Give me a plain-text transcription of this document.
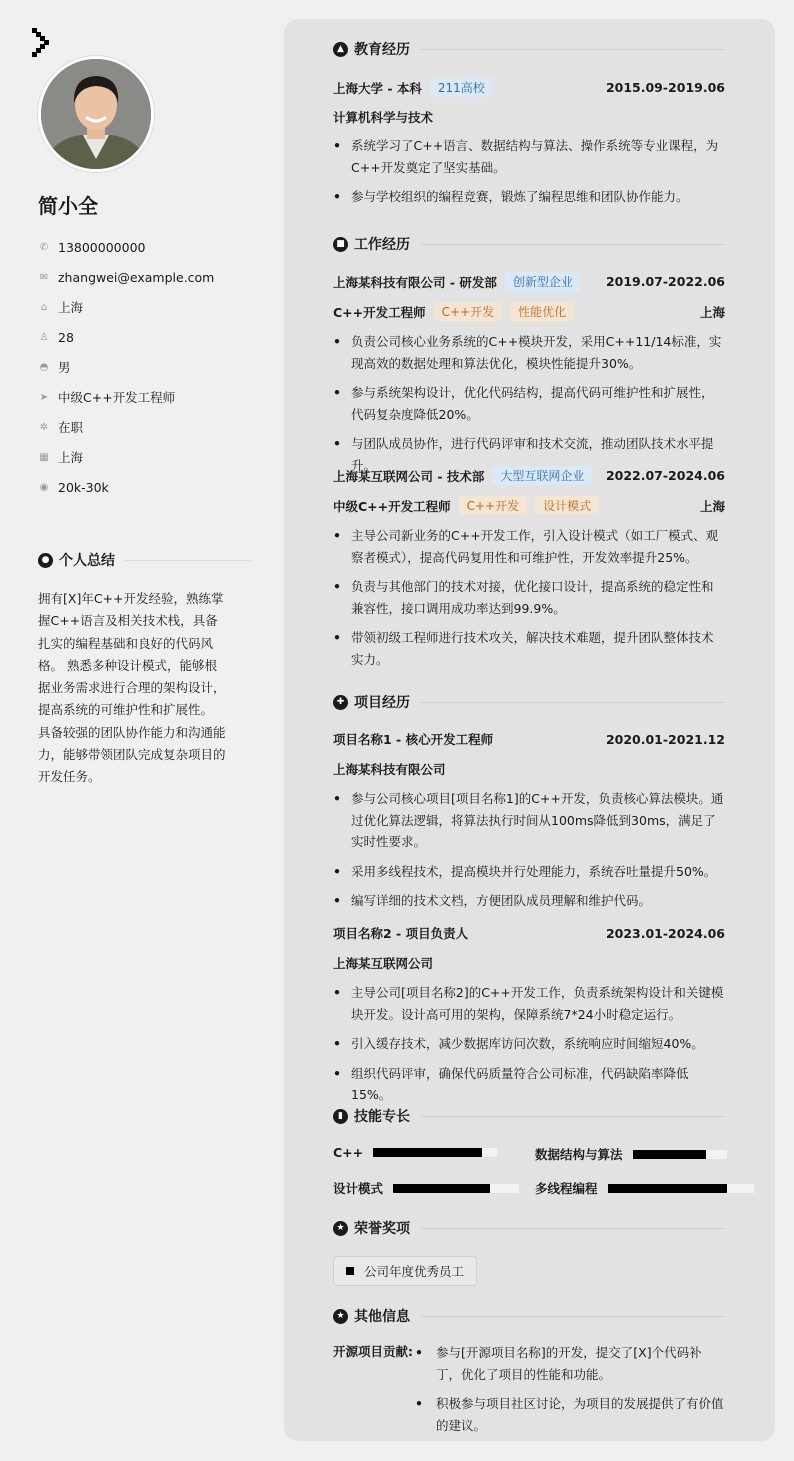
简小全
✆ 13800000000
✉ zhangwei@example.com
⌂ 上海
♙ 28
◓ 男
➤ 中级C++开发工程师
✲ 在职
▦ 上海
◉ 20k-30k
● 个人总结
拥有[X]年C++开发经验，熟练掌握C++语言及相关技术栈，具备扎实的编程基础和良好的代码风格。 熟悉多种设计模式，能够根据业务需求进行合理的架构设计，提高系统的可维护性和扩展性。 具备较强的团队协作能力和沟通能力，能够带领团队完成复杂项目的开发任务。
▲ 教育经历
上海大学 - 本科	211高校	2015.09-2019.06
计算机科学与技术
• 系统学习了C++语言、数据结构与算法、操作系统等专业课程，为C++开发奠定了坚实基础。
• 参与学校组织的编程竞赛，锻炼了编程思维和团队协作能力。
■ 工作经历
上海某科技有限公司 - 研发部	创新型企业	2019.07-2022.06
C++开发工程师	C++开发	性能优化	上海
• 负责公司核心业务系统的C++模块开发，采用C++11/14标准，实现高效的数据处理和算法优化，模块性能提升30%。
• 参与系统架构设计，优化代码结构，提高代码可维护性和扩展性，代码复杂度降低20%。
• 与团队成员协作，进行代码评审和技术交流，推动团队技术水平提升。
上海某互联网公司 - 技术部	大型互联网企业	2022.07-2024.06
中级C++开发工程师	C++开发	设计模式	上海
• 主导公司新业务的C++开发工作，引入设计模式（如工厂模式、观察者模式），提高代码复用性和可维护性，开发效率提升25%。
• 负责与其他部门的技术对接，优化接口设计，提高系统的稳定性和兼容性，接口调用成功率达到99.9%。
• 带领初级工程师进行技术攻关，解决技术难题，提升团队整体技术实力。
✚ 项目经历
项目名称1 - 核心开发工程师	2020.01-2021.12
上海某科技有限公司
• 参与公司核心项目[项目名称1]的C++开发，负责核心算法模块。通过优化算法逻辑，将算法执行时间从100ms降低到30ms，满足了实时性要求。
• 采用多线程技术，提高模块并行处理能力，系统吞吐量提升50%。
• 编写详细的技术文档，方便团队成员理解和维护代码。
项目名称2 - 项目负责人	2023.01-2024.06
上海某互联网公司
• 主导公司[项目名称2]的C++开发工作，负责系统架构设计和关键模块开发。设计高可用的架构，保障系统7*24小时稳定运行。
• 引入缓存技术，减少数据库访问次数，系统响应时间缩短40%。
• 组织代码评审，确保代码质量符合公司标准，代码缺陷率降低15%。
▮ 技能专长
C++	数据结构与算法
设计模式	多线程编程
★ 荣誉奖项
公司年度优秀员工
★ 其他信息
开源项目贡献:
•	参与[开源项目名称]的开发，提交了[X]个代码补丁，优化了项目的性能和功能。
• 积极参与项目社区讨论，为项目的发展提供了有价值的建议。
